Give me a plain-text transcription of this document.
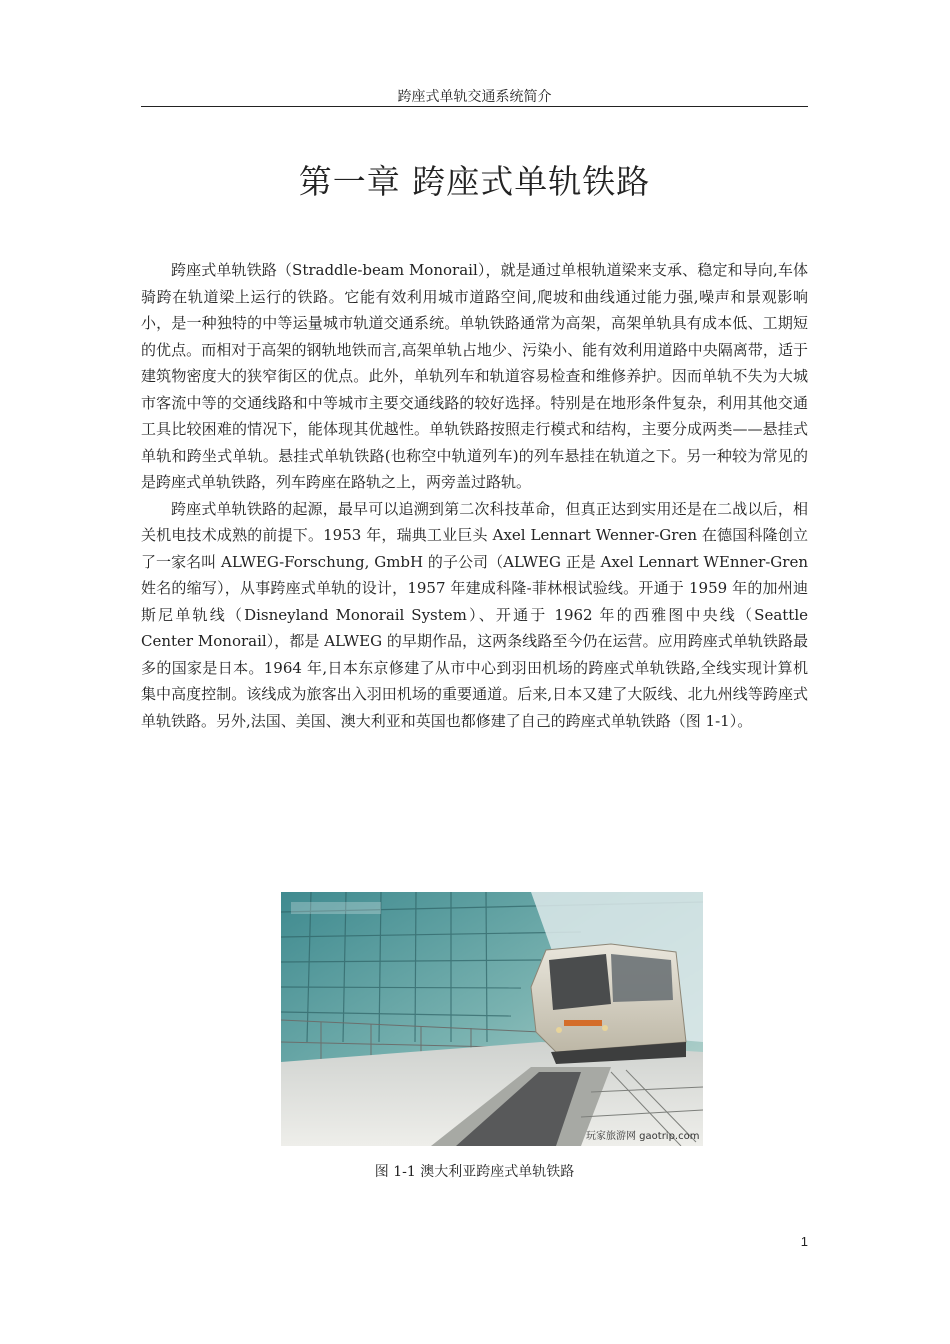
跨座式单轨交通系统简介
第一章 跨座式单轨铁路

跨座式单轨铁路（Straddle-beam Monorail），就是通过单根轨道梁来支承、稳定和导向,车体骑跨在轨道梁上运行的铁路。它能有效利用城市道路空间,爬坡和曲线通过能力强,噪声和景观影响小，是一种独特的中等运量城市轨道交通系统。单轨铁路通常为高架，高架单轨具有成本低、工期短的优点。而相对于高架的钢轨地铁而言,高架单轨占地少、污染小、能有效利用道路中央隔离带，适于建筑物密度大的狭窄街区的优点。此外，单轨列车和轨道容易检查和维修养护。因而单轨不失为大城市客流中等的交通线路和中等城市主要交通线路的较好选择。特别是在地形条件复杂，利用其他交通工具比较困难的情况下，能体现其优越性。单轨铁路按照走行模式和结构，主要分成两类——悬挂式单轨和跨坐式单轨。悬挂式单轨铁路(也称空中轨道列车)的列车悬挂在轨道之下。另一种较为常见的是跨座式单轨铁路，列车跨座在路轨之上，两旁盖过路轨。

跨座式单轨铁路的起源，最早可以追溯到第二次科技革命，但真正达到实用还是在二战以后，相关机电技术成熟的前提下。1953 年，瑞典工业巨头 Axel Lennart Wenner-Gren 在德国科隆创立了一家名叫 ALWEG-Forschung, GmbH 的子公司（ALWEG 正是 Axel Lennart WEnner-Gren 姓名的缩写），从事跨座式单轨的设计，1957 年建成科隆-菲林根试验线。开通于 1959 年的加州迪斯尼单轨线（Disneyland Monorail System）、开通于 1962 年的西雅图中央线（Seattle Center Monorail），都是 ALWEG 的早期作品，这两条线路至今仍在运营。应用跨座式单轨铁路最多的国家是日本。1964 年,日本东京修建了从市中心到羽田机场的跨座式单轨铁路,全线实现计算机集中高度控制。该线成为旅客出入羽田机场的重要通道。后来,日本又建了大阪线、北九州线等跨座式单轨铁路。另外,法国、美国、澳大利亚和英国也都修建了自己的跨座式单轨铁路（图 1-1）。

玩家旅游网 gaotrip.com
图 1-1 澳大利亚跨座式单轨铁路
1
